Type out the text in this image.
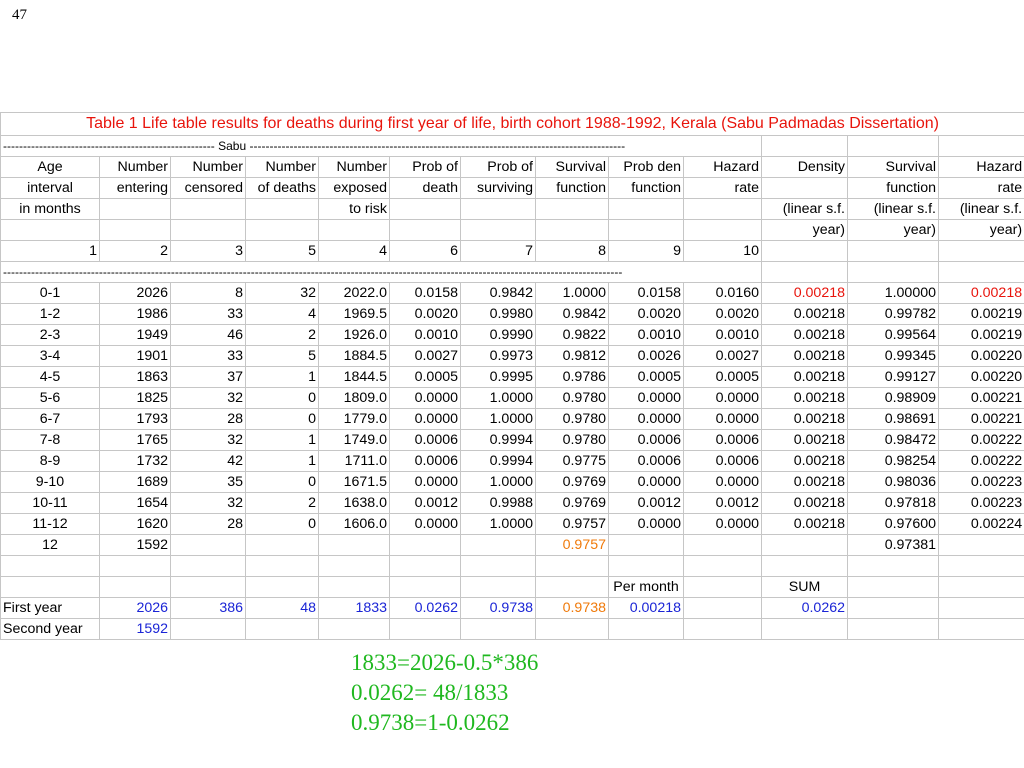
47
Table 1 Life table results for deaths during first year of life, birth cohort 1988-1992, Kerala (Sabu Padmadas Dissertation)												
----------------------------------------------------- Sabu ----------------------------------------------------------------------------------------------												
Age	Number	Number	Number	Number	Prob of	Prob of	Survival	Prob den	Hazard	Density	Survival	Hazard
interval	entering	censored	of deaths	exposed	death	surviving	function	function	rate		function	rate
in months				to risk						(linear s.f.	(linear s.f.	(linear s.f.
										year)	year)	year)
1	2	3	5	4	6	7	8	9	10			
-----------------------------------------------------------------------------------------------------------------------------------------------------------												
0-1	2026	8	32	2022.0	0.0158	0.9842	1.0000	0.0158	0.0160	0.00218	1.00000	0.00218
1-2	1986	33	4	1969.5	0.0020	0.9980	0.9842	0.0020	0.0020	0.00218	0.99782	0.00219
2-3	1949	46	2	1926.0	0.0010	0.9990	0.9822	0.0010	0.0010	0.00218	0.99564	0.00219
3-4	1901	33	5	1884.5	0.0027	0.9973	0.9812	0.0026	0.0027	0.00218	0.99345	0.00220
4-5	1863	37	1	1844.5	0.0005	0.9995	0.9786	0.0005	0.0005	0.00218	0.99127	0.00220
5-6	1825	32	0	1809.0	0.0000	1.0000	0.9780	0.0000	0.0000	0.00218	0.98909	0.00221
6-7	1793	28	0	1779.0	0.0000	1.0000	0.9780	0.0000	0.0000	0.00218	0.98691	0.00221
7-8	1765	32	1	1749.0	0.0006	0.9994	0.9780	0.0006	0.0006	0.00218	0.98472	0.00222
8-9	1732	42	1	1711.0	0.0006	0.9994	0.9775	0.0006	0.0006	0.00218	0.98254	0.00222
9-10	1689	35	0	1671.5	0.0000	1.0000	0.9769	0.0000	0.0000	0.00218	0.98036	0.00223
10-11	1654	32	2	1638.0	0.0012	0.9988	0.9769	0.0012	0.0012	0.00218	0.97818	0.00223
11-12	1620	28	0	1606.0	0.0000	1.0000	0.9757	0.0000	0.0000	0.00218	0.97600	0.00224
12	1592						0.9757				0.97381	

								Per month		SUM		
First year	2026	386	48	1833	0.0262	0.9738	0.9738	0.00218		0.0262		
Second year	1592											
1833=2026-0.5*386
0.0262= 48/1833
0.9738=1-0.0262
